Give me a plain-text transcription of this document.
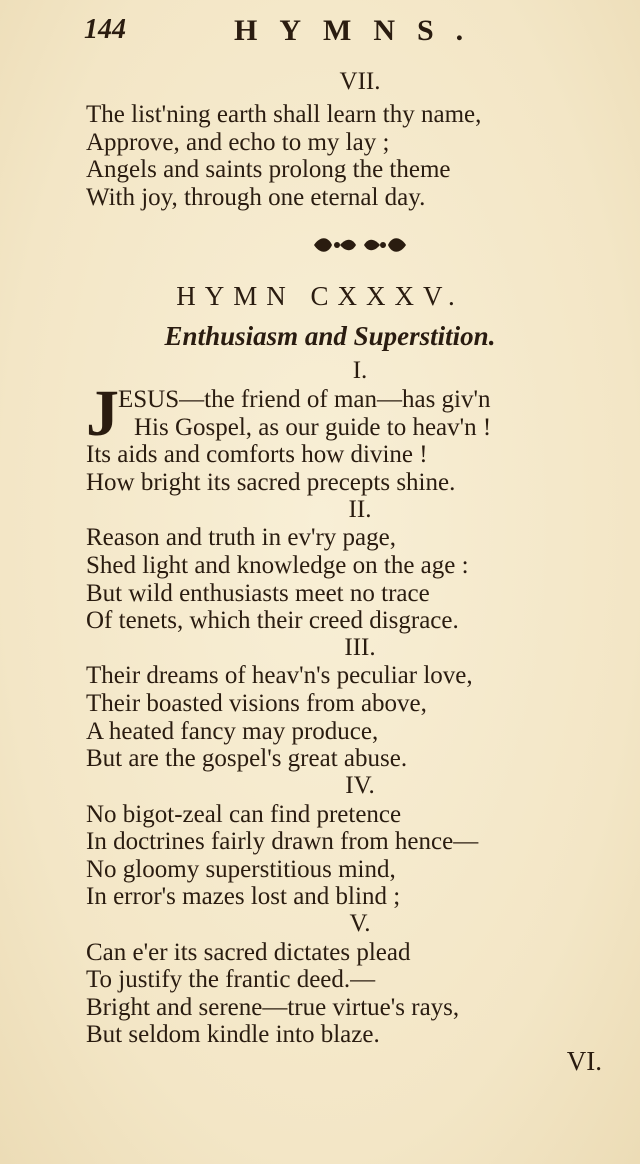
144	HYMNS.
VII.
The list'ning earth shall learn thy name,
Approve, and echo to my lay ;
Angels and saints prolong the theme
With joy, through one eternal day.
HYMN CXXXV.
Enthusiasm and Superstition.
I.
J ESUS—the friend of man—has giv'n
His Gospel, as our guide to heav'n !
Its aids and comforts how divine !
How bright its sacred precepts shine.
II.
Reason and truth in ev'ry page,
Shed light and knowledge on the age :
But wild enthusiasts meet no trace
Of tenets, which their creed disgrace.
III.
Their dreams of heav'n's peculiar love,
Their boasted visions from above,
A heated fancy may produce,
But are the gospel's great abuse.
IV.
No bigot-zeal can find pretence
In doctrines fairly drawn from hence—
No gloomy superstitious mind,
In error's mazes lost and blind ;
V.
Can e'er its sacred dictates plead
To justify the frantic deed.—
Bright and serene—true virtue's rays,
But seldom kindle into blaze.
VI.
